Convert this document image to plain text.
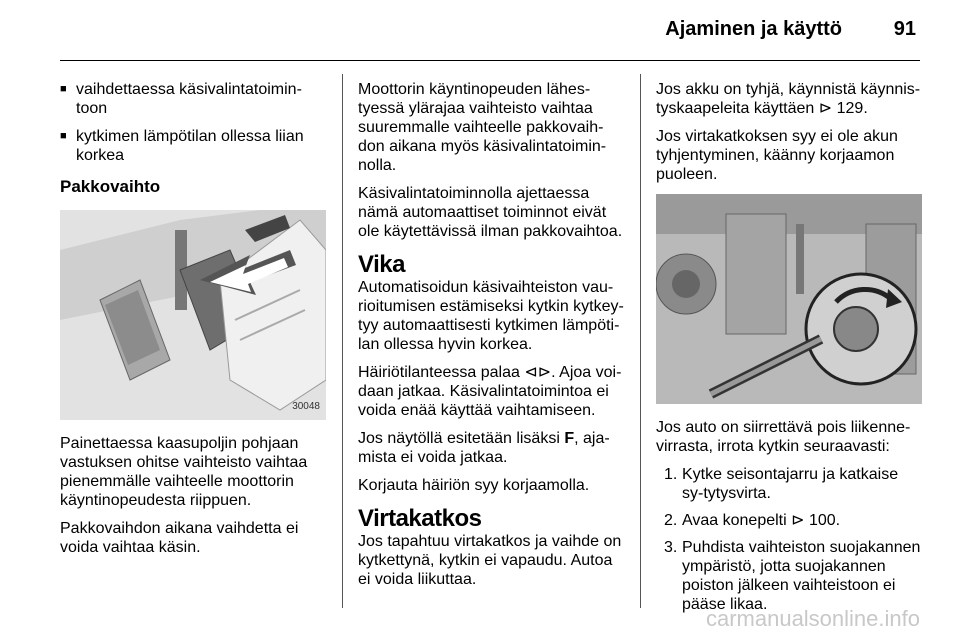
Ajaminen ja käyttö	91
■ vaihdettaessa käsivalintatoimin-toon
■ kytkimen lämpötilan ollessa liian korkea
Pakkovaihto
30048

Painettaessa kaasupoljin pohjaan vastuksen ohitse vaihteisto vaihtaa pienemmälle vaihteelle moottorin käyntinopeudesta riippuen.

Pakkovaihdon aikana vaihdetta ei voida vaihtaa käsin.

Moottorin käyntinopeuden lähes-tyessä ylärajaa vaihteisto vaihtaa suuremmalle vaihteelle pakkovaih-don aikana myös käsivalintatoimin-nolla.

Käsivalintatoiminnolla ajettaessa nämä automaattiset toiminnot eivät ole käytettävissä ilman pakkovaihtoa.

Vika

Automatisoidun käsivaihteiston vau-rioitumisen estämiseksi kytkin kytkey-tyy automaattisesti kytkimen lämpöti-lan ollessa hyvin korkea.

Häiriötilanteessa palaa ⊲⊳. Ajoa voi-daan jatkaa. Käsivalintatoimintoa ei voida enää käyttää vaihtamiseen.

Jos näytöllä esitetään lisäksi F, aja-mista ei voida jatkaa.

Korjauta häiriön syy korjaamolla.

Virtakatkos

Jos tapahtuu virtakatkos ja vaihde on kytkettynä, kytkin ei vapaudu. Autoa ei voida liikuttaa.

Jos akku on tyhjä, käynnistä käynnis-tyskaapeleita käyttäen ⊳ 129.

Jos virtakatkoksen syy ei ole akun tyhjentyminen, käänny korjaamon puoleen.

Jos auto on siirrettävä pois liikenne-virrasta, irrota kytkin seuraavasti:

1. Kytke seisontajarru ja katkaise sy-tytysvirta.
2. Avaa konepelti ⊳ 100.
3. Puhdista vaihteiston suojakannen ympäristö, jotta suojakannen poiston jälkeen vaihteistoon ei pääse likaa.
carmanualsonline.info
